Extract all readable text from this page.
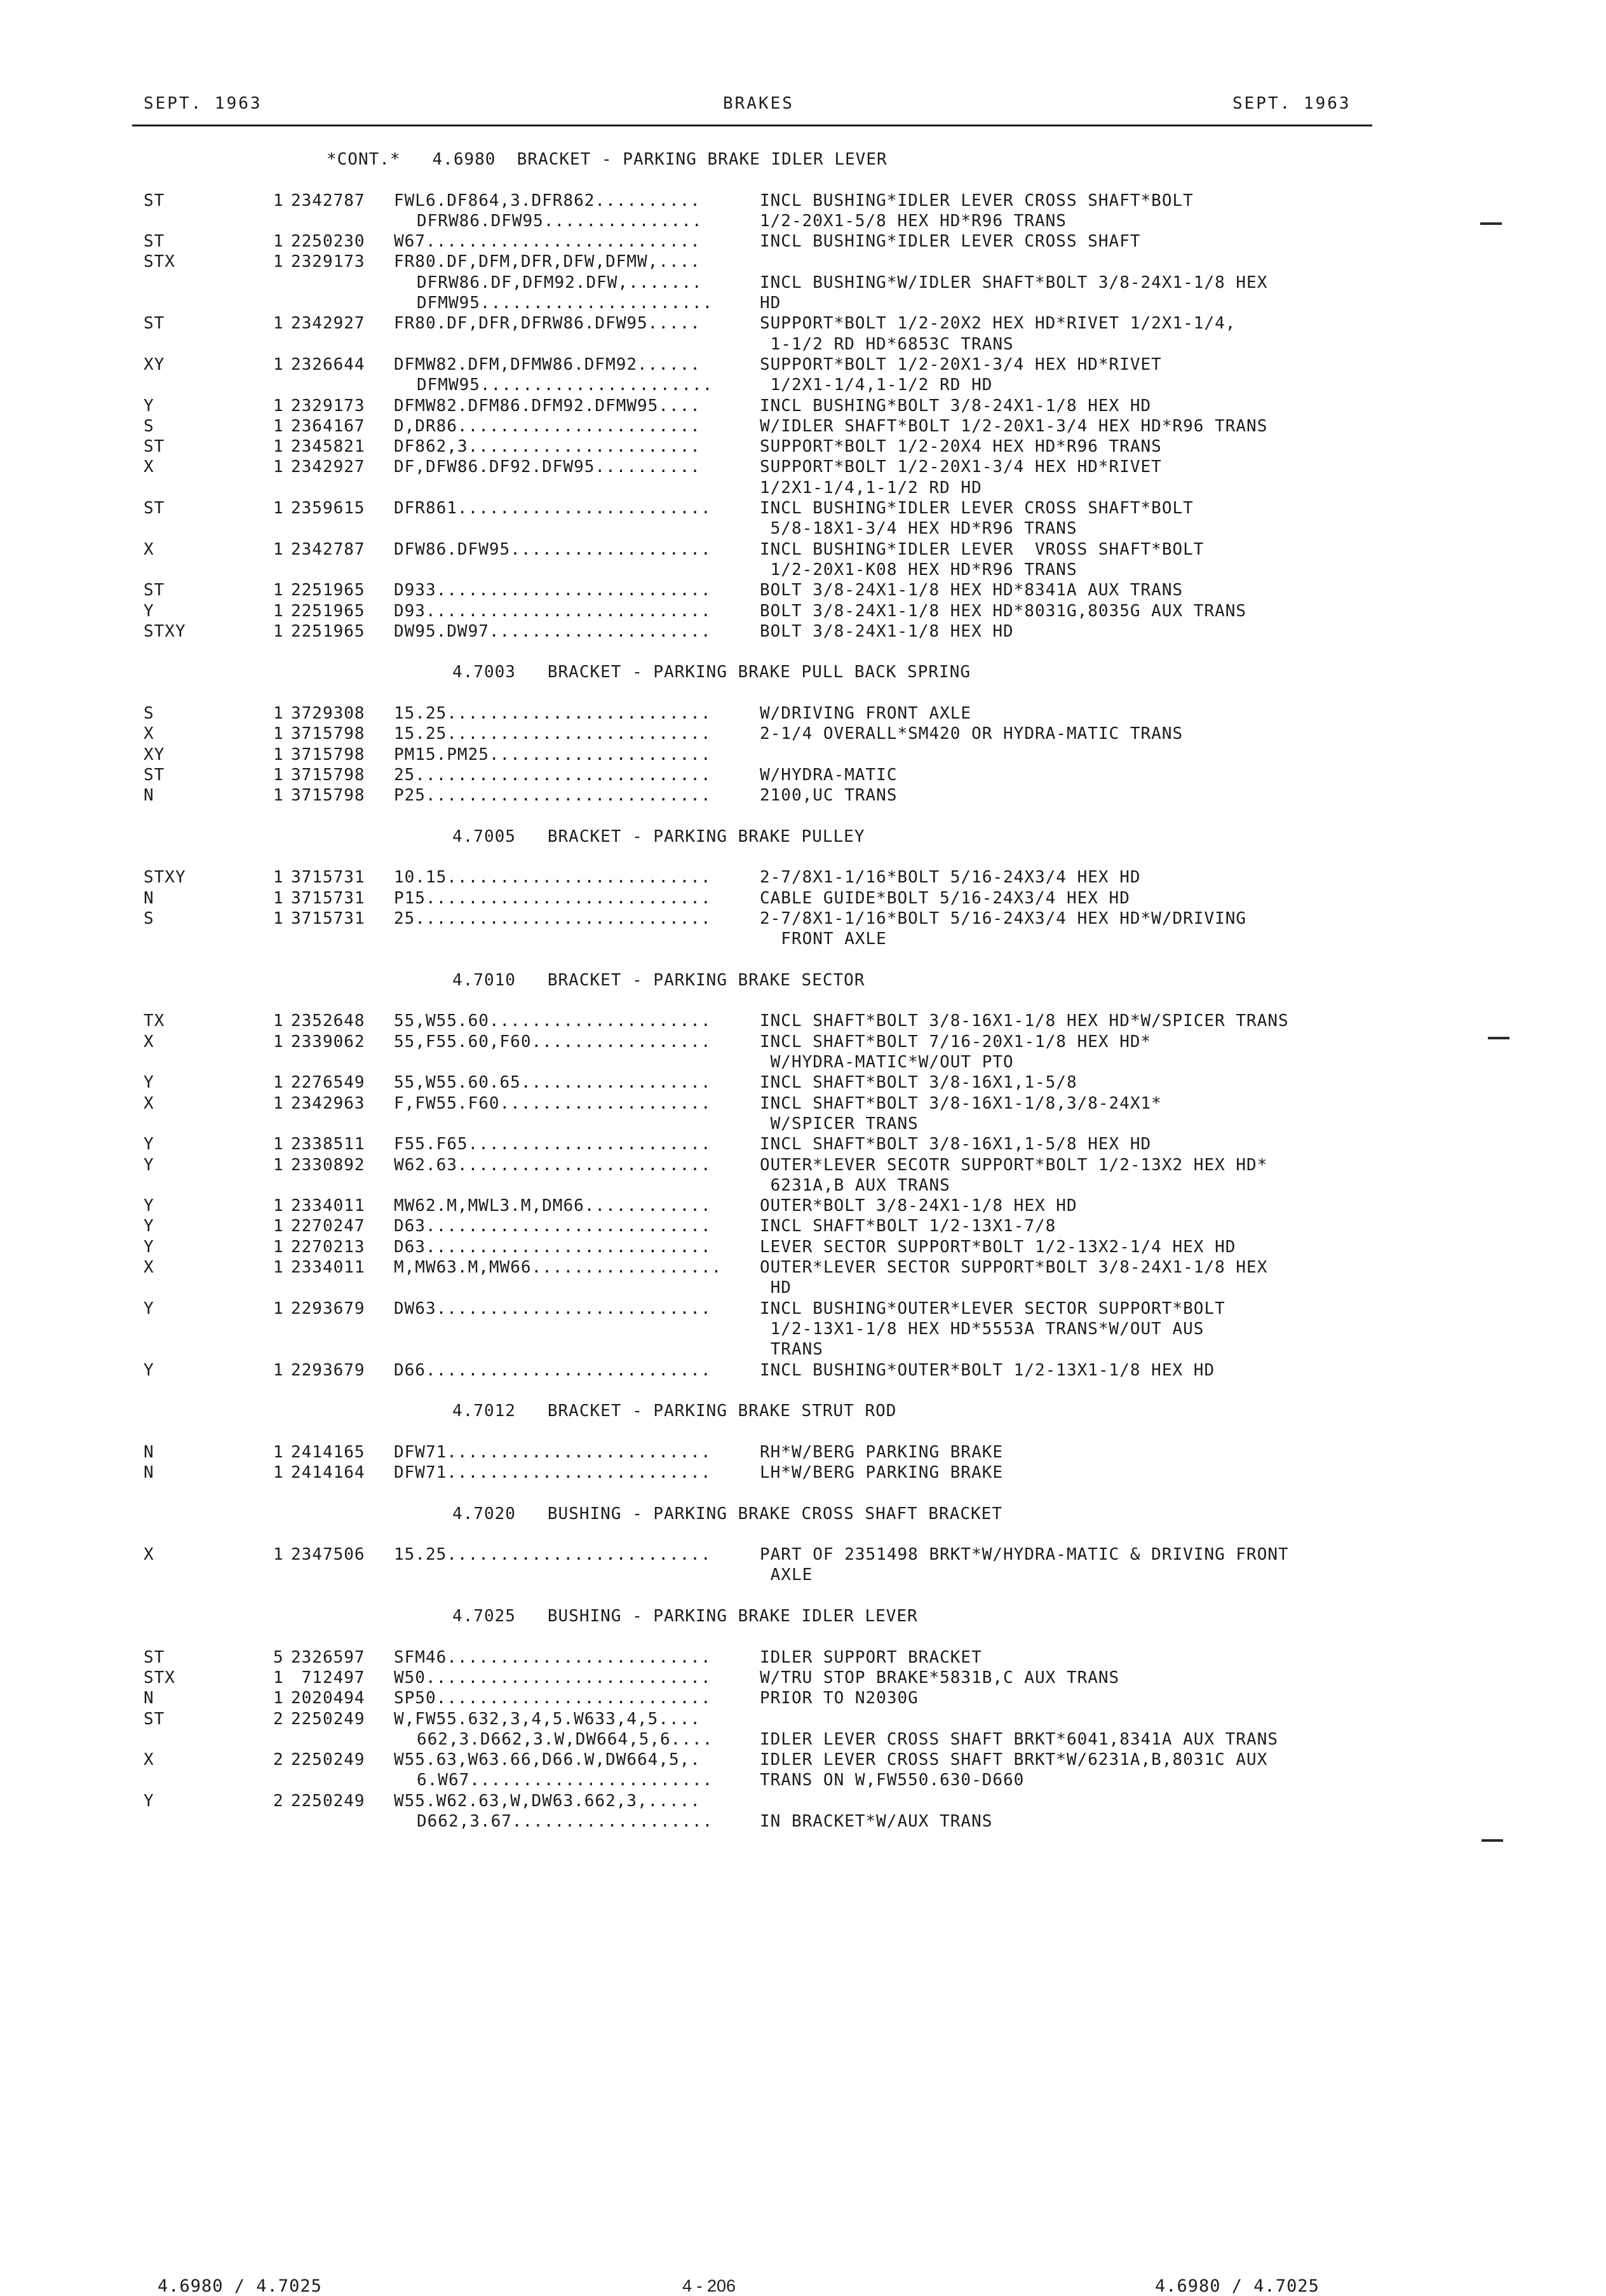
SEPT. 1963	BRAKES	SEPT. 1963
*CONT.*   4.6980  BRACKET - PARKING BRAKE IDLER LEVER
ST	1 2342787 FWL6.DF864,3.DFR862..........	INCL BUSHING*IDLER LEVER CROSS SHAFT*BOLT
DFRW86.DFW95...............	1/2-20X1-5/8 HEX HD*R96 TRANS
ST	1 2250230 W67..........................	INCL BUSHING*IDLER LEVER CROSS SHAFT
STX	1 2329173 FR80.DF,DFM,DFR,DFW,DFMW,....
DFRW86.DF,DFM92.DFW,.......	INCL BUSHING*W/IDLER SHAFT*BOLT 3/8-24X1-1/8 HEX
DFMW95......................	HD
ST	1 2342927 FR80.DF,DFR,DFRW86.DFW95.....	SUPPORT*BOLT 1/2-20X2 HEX HD*RIVET 1/2X1-1/4,
1-1/2 RD HD*6853C TRANS
XY	1 2326644 DFMW82.DFM,DFMW86.DFM92......	SUPPORT*BOLT 1/2-20X1-3/4 HEX HD*RIVET
DFMW95......................	1/2X1-1/4,1-1/2 RD HD
Y	1 2329173 DFMW82.DFM86.DFM92.DFMW95....	INCL BUSHING*BOLT 3/8-24X1-1/8 HEX HD
S	1 2364167 D,DR86.......................	W/IDLER SHAFT*BOLT 1/2-20X1-3/4 HEX HD*R96 TRANS
ST	1 2345821 DF862,3......................	SUPPORT*BOLT 1/2-20X4 HEX HD*R96 TRANS
X	1 2342927 DF,DFW86.DF92.DFW95..........	SUPPORT*BOLT 1/2-20X1-3/4 HEX HD*RIVET
1/2X1-1/4,1-1/2 RD HD
ST	1 2359615 DFR861........................	INCL BUSHING*IDLER LEVER CROSS SHAFT*BOLT
5/8-18X1-3/4 HEX HD*R96 TRANS
X	1 2342787 DFW86.DFW95...................	INCL BUSHING*IDLER LEVER  VROSS SHAFT*BOLT
1/2-20X1-K08 HEX HD*R96 TRANS
ST	1 2251965 D933..........................	BOLT 3/8-24X1-1/8 HEX HD*8341A AUX TRANS
Y	1 2251965 D93...........................	BOLT 3/8-24X1-1/8 HEX HD*8031G,8035G AUX TRANS
STXY	1 2251965 DW95.DW97.....................	BOLT 3/8-24X1-1/8 HEX HD
4.7003   BRACKET - PARKING BRAKE PULL BACK SPRING
S	1 3729308 15.25.........................	W/DRIVING FRONT AXLE
X	1 3715798 15.25.........................	2-1/4 OVERALL*SM420 OR HYDRA-MATIC TRANS
XY	1 3715798 PM15.PM25.....................
ST	1 3715798 25............................	W/HYDRA-MATIC
N	1 3715798 P25...........................	2100,UC TRANS
4.7005   BRACKET - PARKING BRAKE PULLEY
STXY	1 3715731 10.15.........................	2-7/8X1-1/16*BOLT 5/16-24X3/4 HEX HD
N	1 3715731 P15...........................	CABLE GUIDE*BOLT 5/16-24X3/4 HEX HD
S	1 3715731 25............................	2-7/8X1-1/16*BOLT 5/16-24X3/4 HEX HD*W/DRIVING
FRONT AXLE
4.7010   BRACKET - PARKING BRAKE SECTOR
TX	1 2352648 55,W55.60.....................	INCL SHAFT*BOLT 3/8-16X1-1/8 HEX HD*W/SPICER TRANS
X	1 2339062 55,F55.60,F60.................	INCL SHAFT*BOLT 7/16-20X1-1/8 HEX HD*
W/HYDRA-MATIC*W/OUT PTO
Y	1 2276549 55,W55.60.65..................	INCL SHAFT*BOLT 3/8-16X1,1-5/8
X	1 2342963 F,FW55.F60....................	INCL SHAFT*BOLT 3/8-16X1-1/8,3/8-24X1*
W/SPICER TRANS
Y	1 2338511 F55.F65.......................	INCL SHAFT*BOLT 3/8-16X1,1-5/8 HEX HD
Y	1 2330892 W62.63........................	OUTER*LEVER SECOTR SUPPORT*BOLT 1/2-13X2 HEX HD*
6231A,B AUX TRANS
Y	1 2334011 MW62.M,MWL3.M,DM66............	OUTER*BOLT 3/8-24X1-1/8 HEX HD
Y	1 2270247 D63...........................	INCL SHAFT*BOLT 1/2-13X1-7/8
Y	1 2270213 D63...........................	LEVER SECTOR SUPPORT*BOLT 1/2-13X2-1/4 HEX HD
X	1 2334011 M,MW63.M,MW66.................. OUTER*LEVER SECTOR SUPPORT*BOLT 3/8-24X1-1/8 HEX
HD
Y	1 2293679 DW63..........................	INCL BUSHING*OUTER*LEVER SECTOR SUPPORT*BOLT
1/2-13X1-1/8 HEX HD*5553A TRANS*W/OUT AUS
TRANS
Y	1 2293679 D66...........................	INCL BUSHING*OUTER*BOLT 1/2-13X1-1/8 HEX HD
4.7012   BRACKET - PARKING BRAKE STRUT ROD
N	1 2414165 DFW71.........................	RH*W/BERG PARKING BRAKE
N	1 2414164 DFW71.........................	LH*W/BERG PARKING BRAKE
4.7020   BUSHING - PARKING BRAKE CROSS SHAFT BRACKET
X	1 2347506 15.25.........................	PART OF 2351498 BRKT*W/HYDRA-MATIC & DRIVING FRONT
AXLE
4.7025   BUSHING - PARKING BRAKE IDLER LEVER
ST	5 2326597 SFM46.........................	IDLER SUPPORT BRACKET
STX	1 712497 W50...........................	W/TRU STOP BRAKE*5831B,C AUX TRANS
N	1 2020494 SP50..........................	PRIOR TO N2030G
ST	2 2250249 W,FW55.632,3,4,5.W633,4,5....
662,3.D662,3.W,DW664,5,6....	IDLER LEVER CROSS SHAFT BRKT*6041,8341A AUX TRANS
X	2 2250249 W55.63,W63.66,D66.W,DW664,5,.	IDLER LEVER CROSS SHAFT BRKT*W/6231A,B,8031C AUX
6.W67.......................	TRANS ON W,FW550.630-D660
Y	2 2250249 W55.W62.63,W,DW63.662,3,.....
D662,3.67...................	IN BRACKET*W/AUX TRANS
4.6980 / 4.7025	4 - 206	4.6980 / 4.7025
